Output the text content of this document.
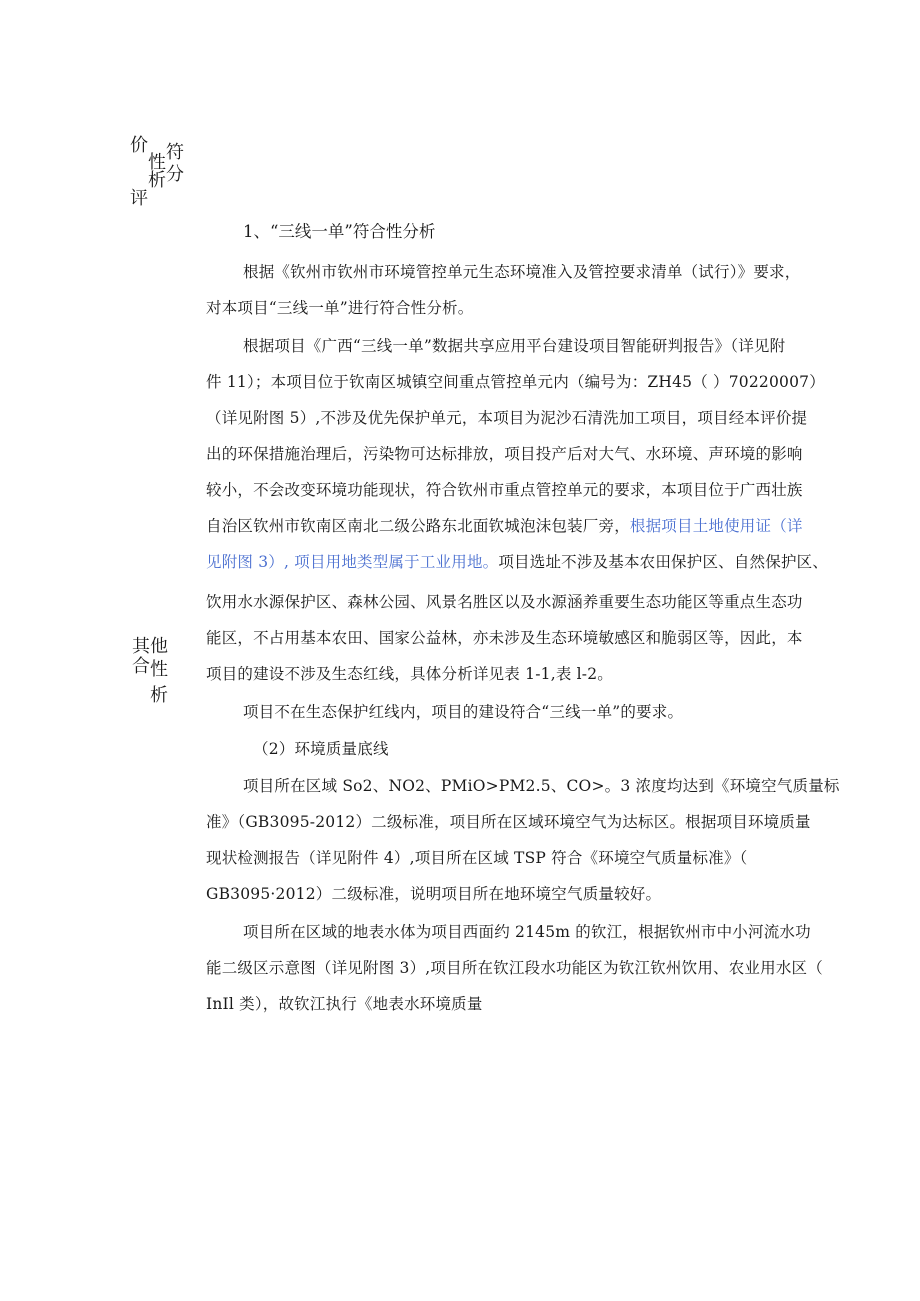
价
性
析
评
符
分
其他
合 性
析
1、“三线一单”符合性分析
根据《钦州市钦州市环境管控单元生态环境准入及管控要求清单（试行）》要求，
对本项目“三线一单”进行符合性分析。
根据项目《广西“三线一单”数据共享应用平台建设项目智能研判报告》（详见附
件 11）；本项目位于钦南区城镇空间重点管控单元内（编号为：ZH45（ ）70220007）
（详见附图 5）,不涉及优先保护单元，本项目为泥沙石清洗加工项目，项目经本评价提
出的环保措施治理后，污染物可达标排放，项目投产后对大气、水环境、声环境的影响
较小，不会改变环境功能现状，符合钦州市重点管控单元的要求，本项目位于广西壮族
自治区钦州市钦南区南北二级公路东北面钦城泡沫包装厂旁，根据项目土地使用证（详
见附图 3）, 项目用地类型属于工业用地。项目选址不涉及基本农田保护区、自然保护区、
饮用水水源保护区、森林公园、风景名胜区以及水源涵养重要生态功能区等重点生态功
能区，不占用基本农田、国家公益林，亦未涉及生态环境敏感区和脆弱区等，因此，本
项目的建设不涉及生态红线，具体分析详见表 1-1,表 l-2。
项目不在生态保护红线内，项目的建设符合“三线一单”的要求。
（2）环境质量底线
项目所在区域 So2、NO2、PMiO>PM2.5、CO>。3 浓度均达到《环境空气质量标
准》（GB3095-2012）二级标准，项目所在区域环境空气为达标区。根据项目环境质量
现状检测报告（详见附件 4）,项目所在区域 TSP 符合《环境空气质量标准》（
GB3095·2012）二级标准，说明项目所在地环境空气质量较好。
项目所在区域的地表水体为项目西面约 2145m 的钦江，根据钦州市中小河流水功
能二级区示意图（详见附图 3）,项目所在钦江段水功能区为钦江钦州饮用、农业用水区（
InIl 类），故钦江执行《地表水环境质量
